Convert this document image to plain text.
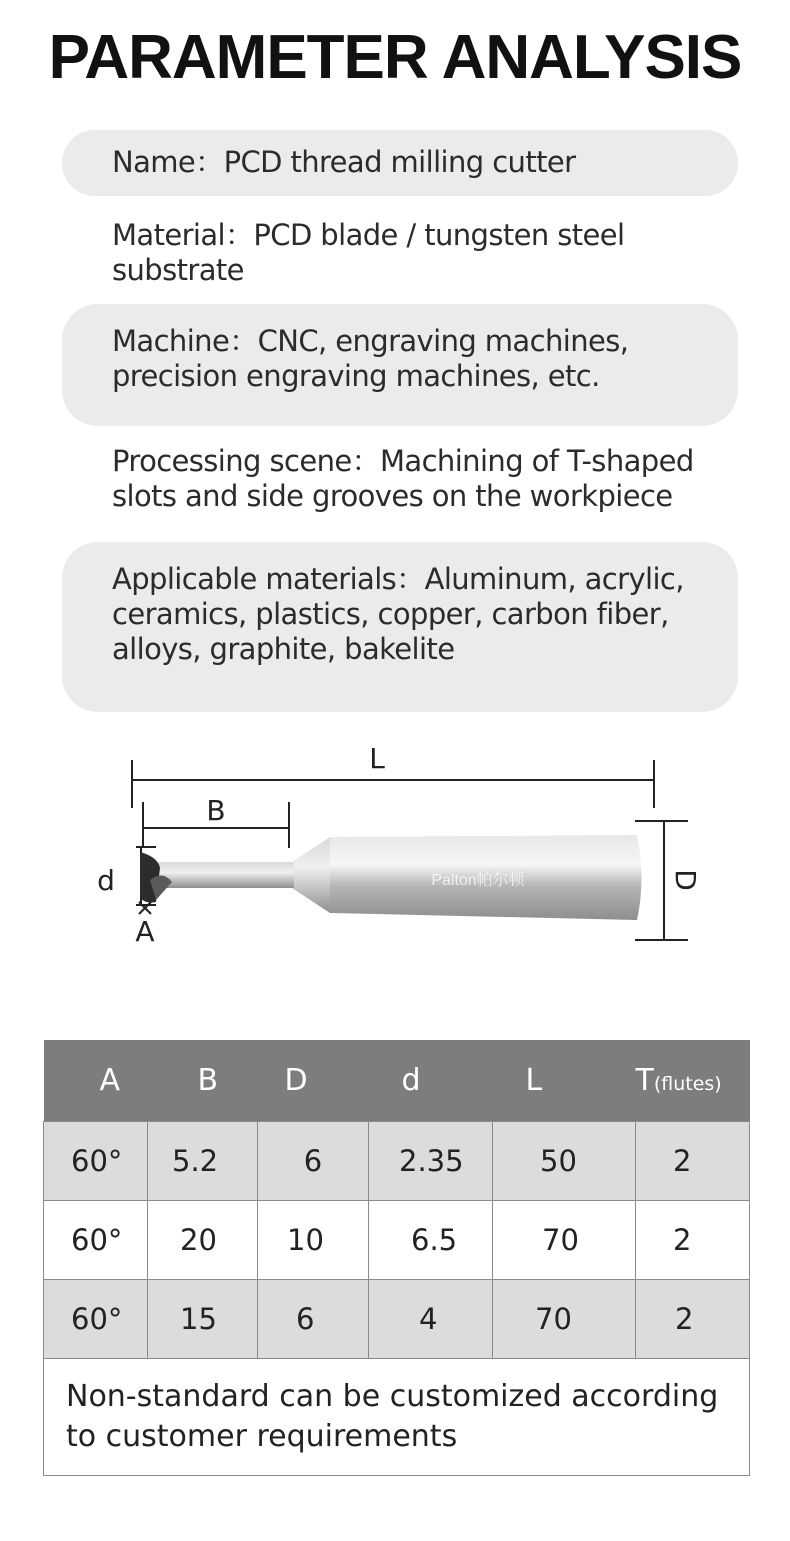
PARAMETER ANALYSIS
Name ： PCD thread milling cutter
Material ： PCD blade / tungsten steel substrate
Machine ： CNC, engraving machines, precision engraving machines, etc.
Processing scene ： Machining of T-shaped slots and side grooves on the workpiece
Applicable materials ： Aluminum, acrylic, ceramics, plastics, copper, carbon fiber, alloys, graphite, bakelite
Palton帕尔顿
L
B
d
A
D
A	B	D	d	L	T(flutes)
60°	5.2	6	2.35	50	2
60°	20	10	6.5	70	2
60°	15	6	4	70	2
Non-standard can be customized according to customer requirements					
